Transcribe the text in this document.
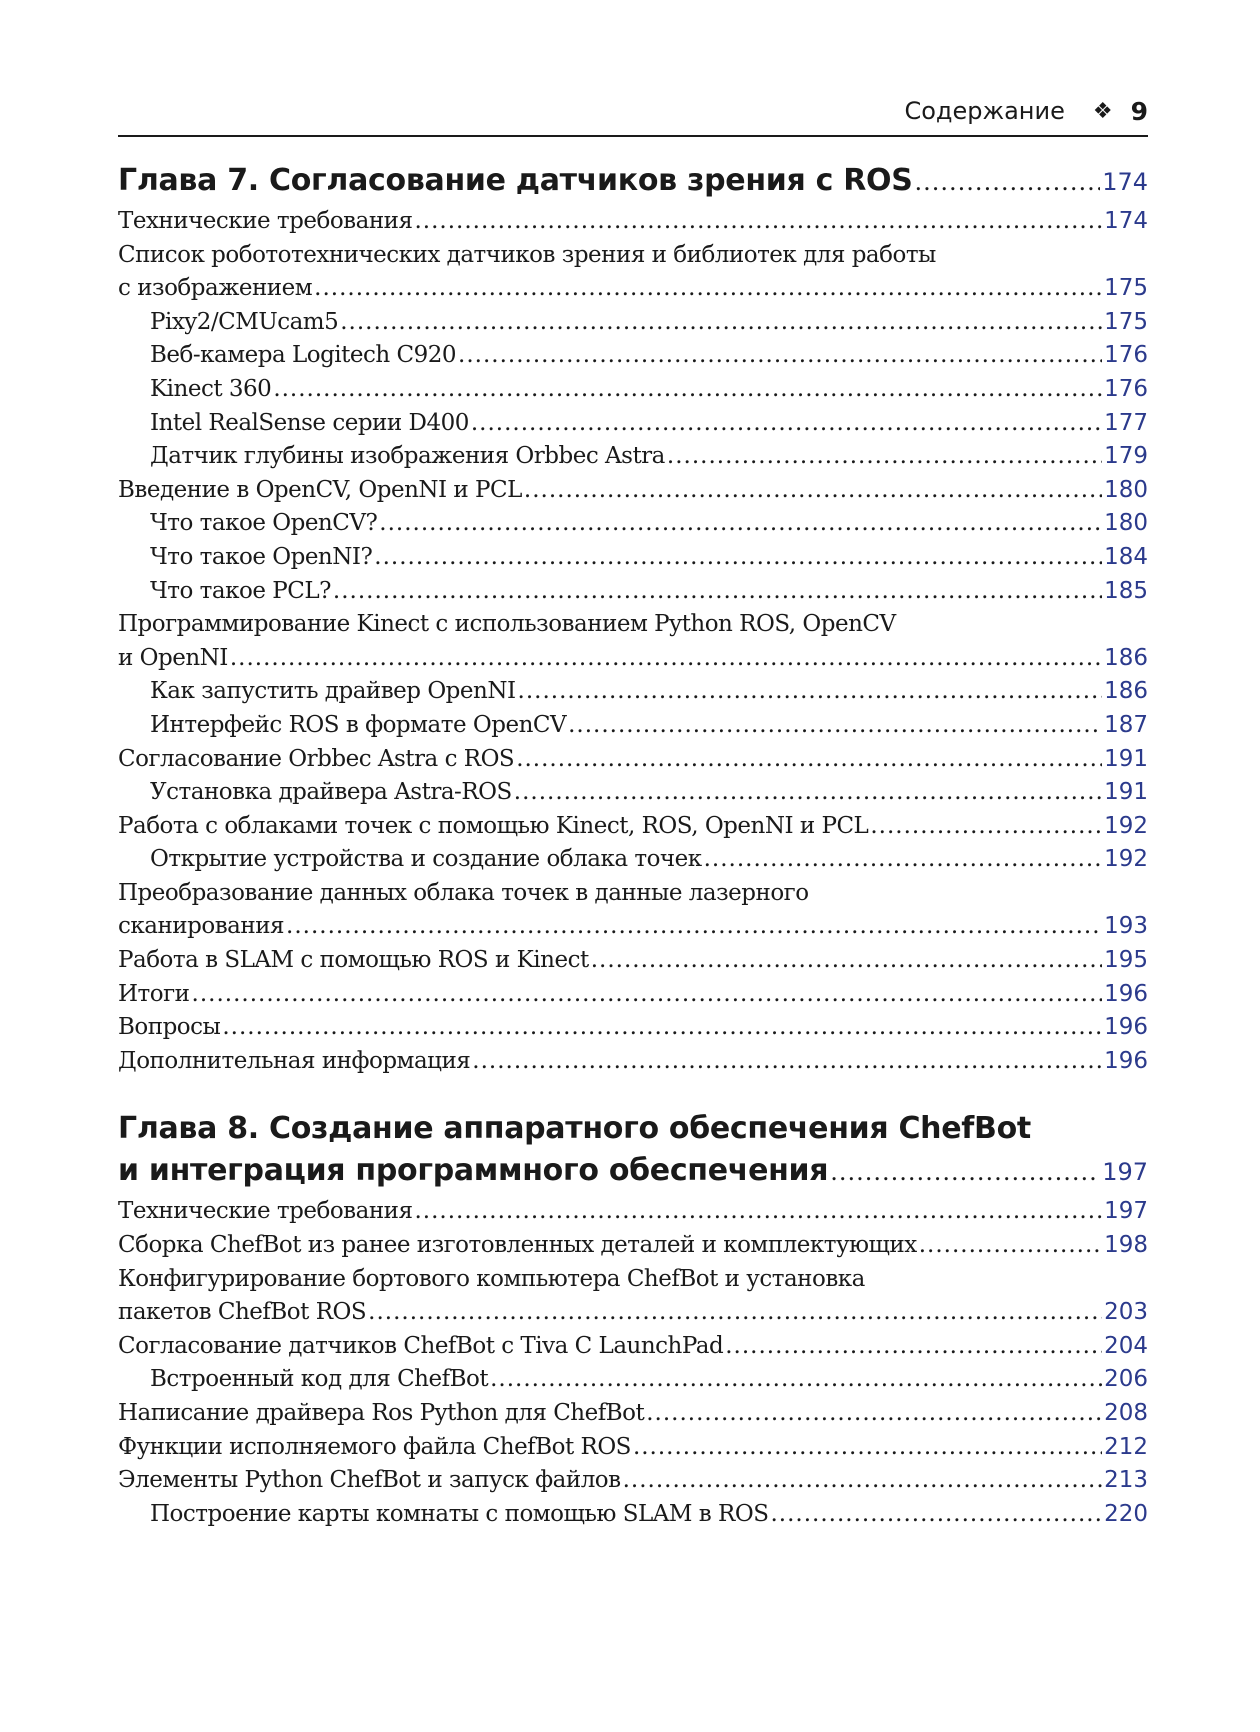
Содержание ❖ 9
Глава 7. Согласование датчиков зрения с ROS .....	174
Технические требования .....	174
Список робототехнических датчиков зрения и библиотек для работы
с изображением .....	175
Pixy2/CMUcam5 .....	175
Веб-камера Logitech C920 .....	176
Kinect 360 .....	176
Intel RealSense серии D400 .....	177
Датчик глубины изображения Orbbec Astra .....	179
Введение в OpenCV, OpenNI и PCL .....	180
Что такое OpenCV? .....	180
Что такое OpenNI? .....	184
Что такое PCL? .....	185
Программирование Kinect с использованием Python ROS, OpenCV
и OpenNI .....	186
Как запустить драйвер OpenNI .....	186
Интерфейс ROS в формате OpenCV .....	187
Согласование Orbbec Astra с ROS .....	191
Установка драйвера Astra-ROS .....	191
Работа с облаками точек с помощью Kinect, ROS, OpenNI и PCL .....	192
Открытие устройства и создание облака точек .....	192
Преобразование данных облака точек в данные лазерного
сканирования .....	193
Работа в SLAM с помощью ROS и Kinect .....	195
Итоги .....	196
Вопросы .....	196
Дополнительная информация .....	196
Глава 8. Создание аппаратного обеспечения ChefBot
и интеграция программного обеспечения .....	197
Технические требования .....	197
Сборка ChefBot из ранее изготовленных деталей и комплектующих .....	198
Конфигурирование бортового компьютера ChefBot и установка
пакетов ChefBot ROS .....	203
Согласование датчиков ChefBot с Tiva C LaunchPad .....	204
Встроенный код для ChefBot .....	206
Написание драйвера Ros Python для ChefBot .....	208
Функции исполняемого файла ChefBot ROS .....	212
Элементы Python ChefBot и запуск файлов .....	213
Построение карты комнаты с помощью SLAM в ROS .....	220
